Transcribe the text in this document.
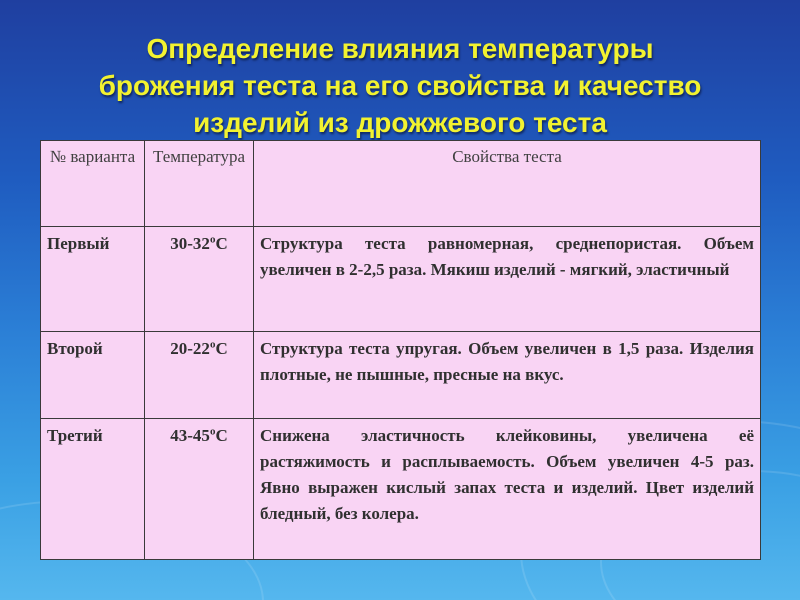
Определение влияния температуры
брожения теста на его свойства и качество
изделий из дрожжевого теста
№ варианта	Температура	Свойства теста
Первый	$30-32^оС$	Структура теста равномерная, среднепористая. Объем увеличен в 2-2,5 раза. Мякиш изделий - мягкий, эластичный
Второй	$20-22^оС$	Структура теста упругая. Объем увеличен в 1,5 раза. Изделия плотные, не пышные, пресные на вкус.
Третий	$43-45^оС$	Снижена эластичность клейковины, увеличена её растяжимость и расплываемость. Объем увеличен 4-5 раз. Явно выражен кислый запах теста и изделий. Цвет изделий бледный, без колера.
